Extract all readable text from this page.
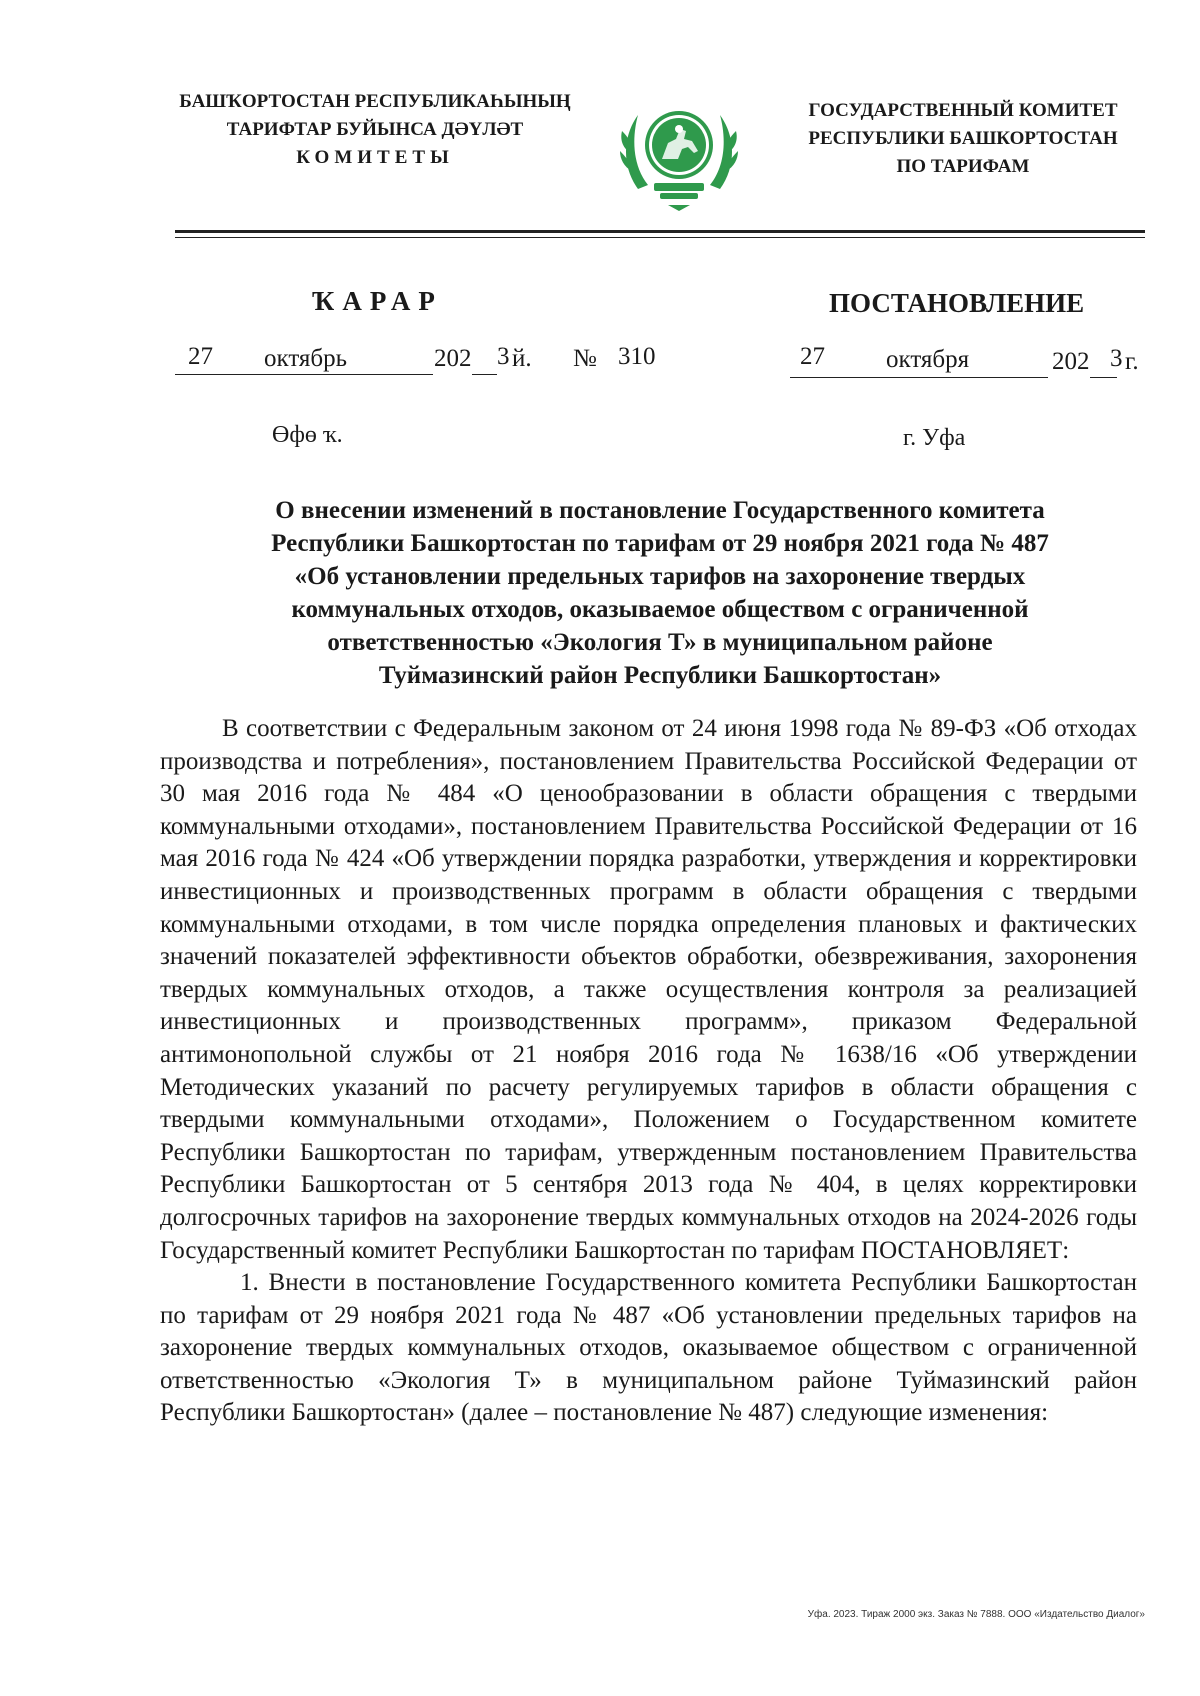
БАШҠОРТОСТАН РЕСПУБЛИКАҺЫНЫҢ
ТАРИФТАР БУЙЫНСА ДӘҮЛӘТ
КОМИТЕТЫ
ГОСУДАРСТВЕННЫЙ КОМИТЕТ
РЕСПУБЛИКИ БАШКОРТОСТАН
ПО ТАРИФАМ
ҠАРАР	ПОСТАНОВЛЕНИЕ
27 октябрь	202 3 й. № 310	27 октября	202 3 г.
Өфө ҡ.	г. Уфа
О внесении изменений в постановление Государственного комитета
Республики Башкортостан по тарифам от 29 ноября 2021 года № 487
«Об установлении предельных тарифов на захоронение твердых
коммунальных отходов, оказываемое обществом с ограниченной
ответственностью «Экология Т» в муниципальном районе
Туймазинский район Республики Башкортостан»

В соответствии с Федеральным законом от 24 июня 1998 года № 89-ФЗ «Об отходах производства и потребления», постановлением Правительства Российской Федерации от 30 мая 2016 года № 484 «О ценообразовании в области обращения с твердыми коммунальными отходами», постановлением Правительства Российской Федерации от 16 мая 2016 года № 424 «Об утверждении порядка разработки, утверждения и корректировки инвестиционных и производственных программ в области обращения с твердыми коммунальными отходами, в том числе порядка определения плановых и фактических значений показателей эффективности объектов обработки, обезвреживания, захоронения твердых коммунальных отходов, а также осуществления контроля за реализацией инвестиционных и производственных программ», приказом Федеральной антимонопольной службы от 21 ноября 2016 года № 1638/16 «Об утверждении Методических указаний по расчету регулируемых тарифов в области обращения с твердыми коммунальными отходами», Положением о Государственном комитете Республики Башкортостан по тарифам, утвержденным постановлением Правительства Республики Башкортостан от 5 сентября 2013 года № 404, в целях корректировки долгосрочных тарифов на захоронение твердых коммунальных отходов на 2024-2026 годы Государственный комитет Республики Башкортостан по тарифам ПОСТАНОВЛЯЕТ:

1. Внести в постановление Государственного комитета Республики Башкортостан по тарифам от 29 ноября 2021 года № 487 «Об установлении предельных тарифов на захоронение твердых коммунальных отходов, оказываемое обществом с ограниченной ответственностью «Экология Т» в муниципальном районе Туймазинский район Республики Башкортостан» (далее – постановление № 487) следующие изменения:

Уфа. 2023. Тираж 2000 экз. Заказ № 7888. ООО «Издательство Диалог»
